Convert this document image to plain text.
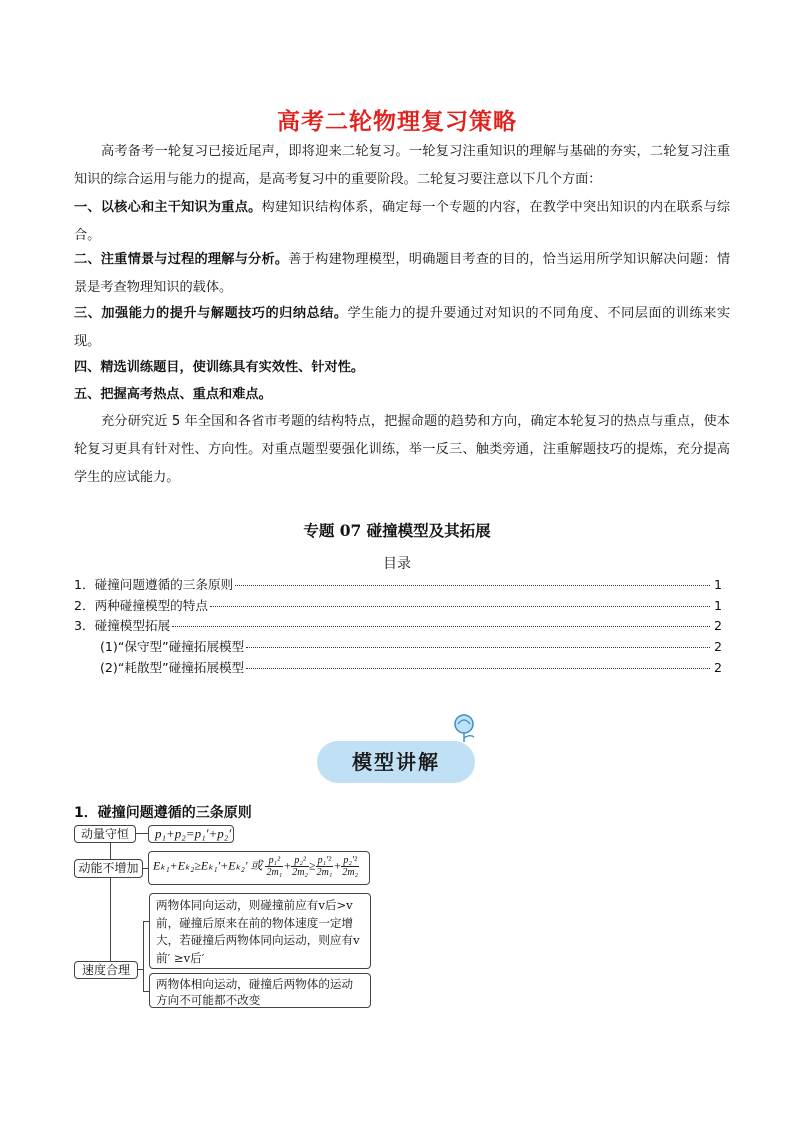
高考二轮物理复习策略

高考备考一轮复习已接近尾声，即将迎来二轮复习。一轮复习注重知识的理解与基础的夯实，二轮复习注重知识的综合运用与能力的提高，是高考复习中的重要阶段。二轮复习要注意以下几个方面：

一、以核心和主干知识为重点。构建知识结构体系，确定每一个专题的内容，在教学中突出知识的内在联系与综合。

二、注重情景与过程的理解与分析。善于构建物理模型，明确题目考查的目的，恰当运用所学知识解决问题：情景是考查物理知识的载体。

三、加强能力的提升与解题技巧的归纳总结。学生能力的提升要通过对知识的不同角度、不同层面的训练来实现。

四、精选训练题目，使训练具有实效性、针对性。

五、把握高考热点、重点和难点。

充分研究近 5 年全国和各省市考题的结构特点，把握命题的趋势和方向，确定本轮复习的热点与重点，使本轮复习更具有针对性、方向性。对重点题型要强化训练，举一反三、触类旁通，注重解题技巧的提炼，充分提高学生的应试能力。

专题 07 碰撞模型及其拓展
目录
1．碰撞问题遵循的三条原则	1
2．两种碰撞模型的特点	1
3．碰撞模型拓展	2
(1)“保守型”碰撞拓展模型	2
(2)“耗散型”碰撞拓展模型	2
模型讲解
1．碰撞问题遵循的三条原则
动量守恒	p₁+p₂=p₁′+p₂′
动能不增加	Eₖ₁+Eₖ₂≥Eₖ₁′+Eₖ₂′ 或 $\frac{\text{p₁²}}{\text{2m₁}} + \frac{\text{p₂²}}{\text{2m₂}} \ge \frac{\text{p₁′²}}{\text{2m₁}} + \frac{\text{p₂′²}}{\text{2m₂}}$
速度合理
两物体同向运动，则碰撞前应有v后>v前，碰撞后原来在前的物体速度一定增大，若碰撞后两物体同向运动，则应有v前′ ≥v后′
两物体相向运动，碰撞后两物体的运动方向不可能都不改变
